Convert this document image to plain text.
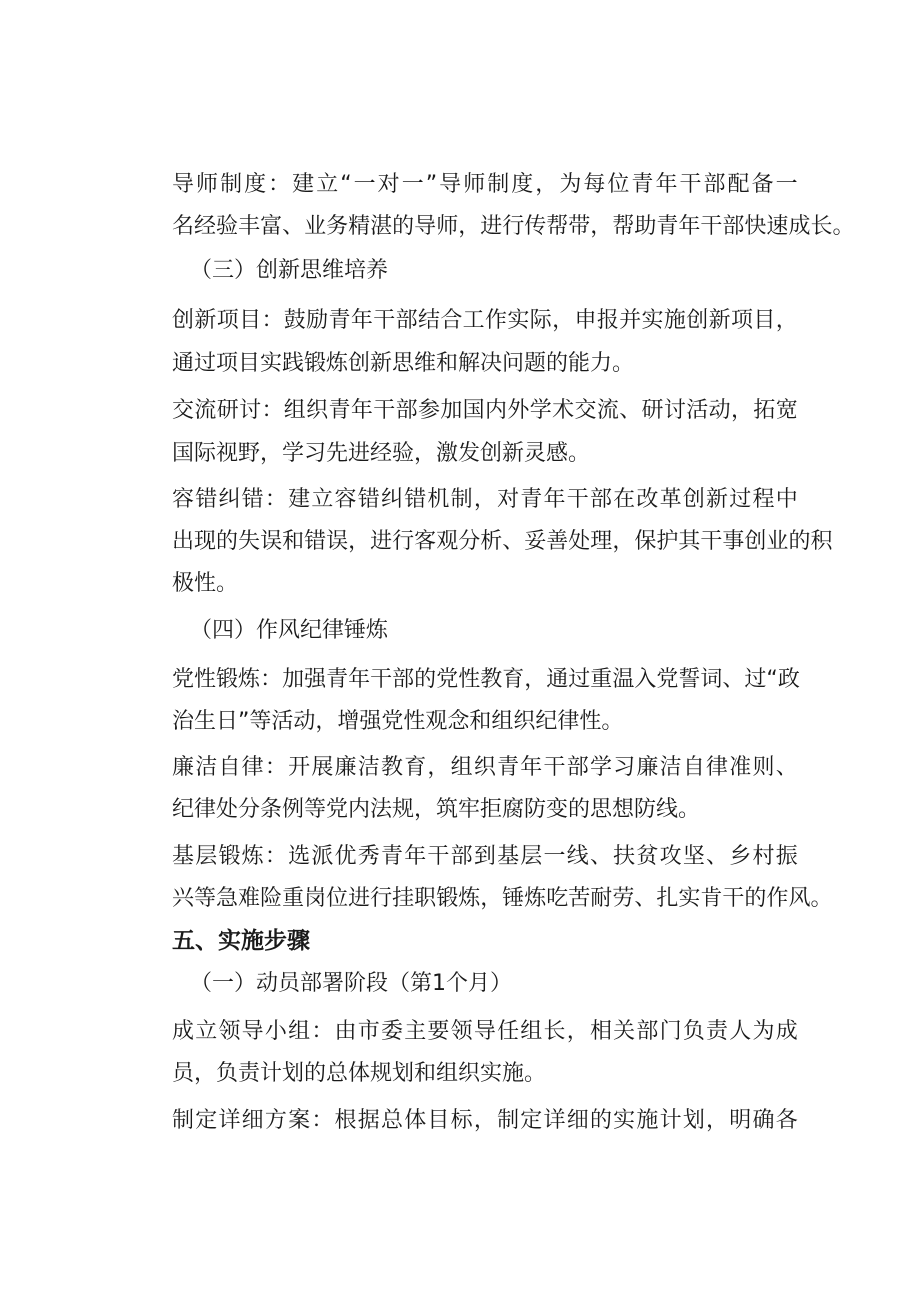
导 师 制 度 ： 建 立 “ 一 对 一 ” 导 师 制 度 ， 为 每 位 青 年 干 部 配 备 一
名 经 验 丰 富 、 业 务 精 湛 的 导 师 ， 进 行 传 帮 带 ， 帮 助 青 年 干 部 快 速 成 长 。
（三）创新思维培养
创 新 项 目 ： 鼓 励 青 年 干 部 结 合 工 作 实 际 ， 申 报 并 实 施 创 新 项 目 ，
通过项目实践锻炼创新思维和解决问题的能力。
交 流 研 讨 ： 组 织 青 年 干 部 参 加 国 内 外 学 术 交 流 、 研 讨 活 动 ， 拓 宽
国际视野，学习先进经验，激发创新灵感。
容 错 纠 错 ： 建 立 容 错 纠 错 机 制 ， 对 青 年 干 部 在 改 革 创 新 过 程 中
出 现 的 失 误 和 错 误 ， 进 行 客 观 分 析 、 妥 善 处 理 ， 保 护 其 干 事 创 业 的 积
极性。
（四）作风纪律锤炼
党 性 锻 炼 ： 加 强 青 年 干 部 的 党 性 教 育 ， 通 过 重 温 入 党 誓 词 、 过 “ 政
治生日”等活动，增强党性观念和组织纪律性。
廉 洁 自 律 ： 开 展 廉 洁 教 育 ， 组 织 青 年 干 部 学 习 廉 洁 自 律 准 则 、
纪律处分条例等党内法规，筑牢拒腐防变的思想防线。
基 层 锻 炼 ： 选 派 优 秀 青 年 干 部 到 基 层 一 线 、 扶 贫 攻 坚 、 乡 村 振
兴 等 急 难 险 重 岗 位 进 行 挂 职 锻 炼 ， 锤 炼 吃 苦 耐 劳 、 扎 实 肯 干 的 作 风 。
五、实施步骤
（一）动员部署阶段（第1个月）
成 立 领 导 小 组 ： 由 市 委 主 要 领 导 任 组 长 ， 相 关 部 门 负 责 人 为 成
员，负责计划的总体规划和组织实施。
制 定 详 细 方 案 ： 根 据 总 体 目 标 ， 制 定 详 细 的 实 施 计 划 ， 明 确 各
